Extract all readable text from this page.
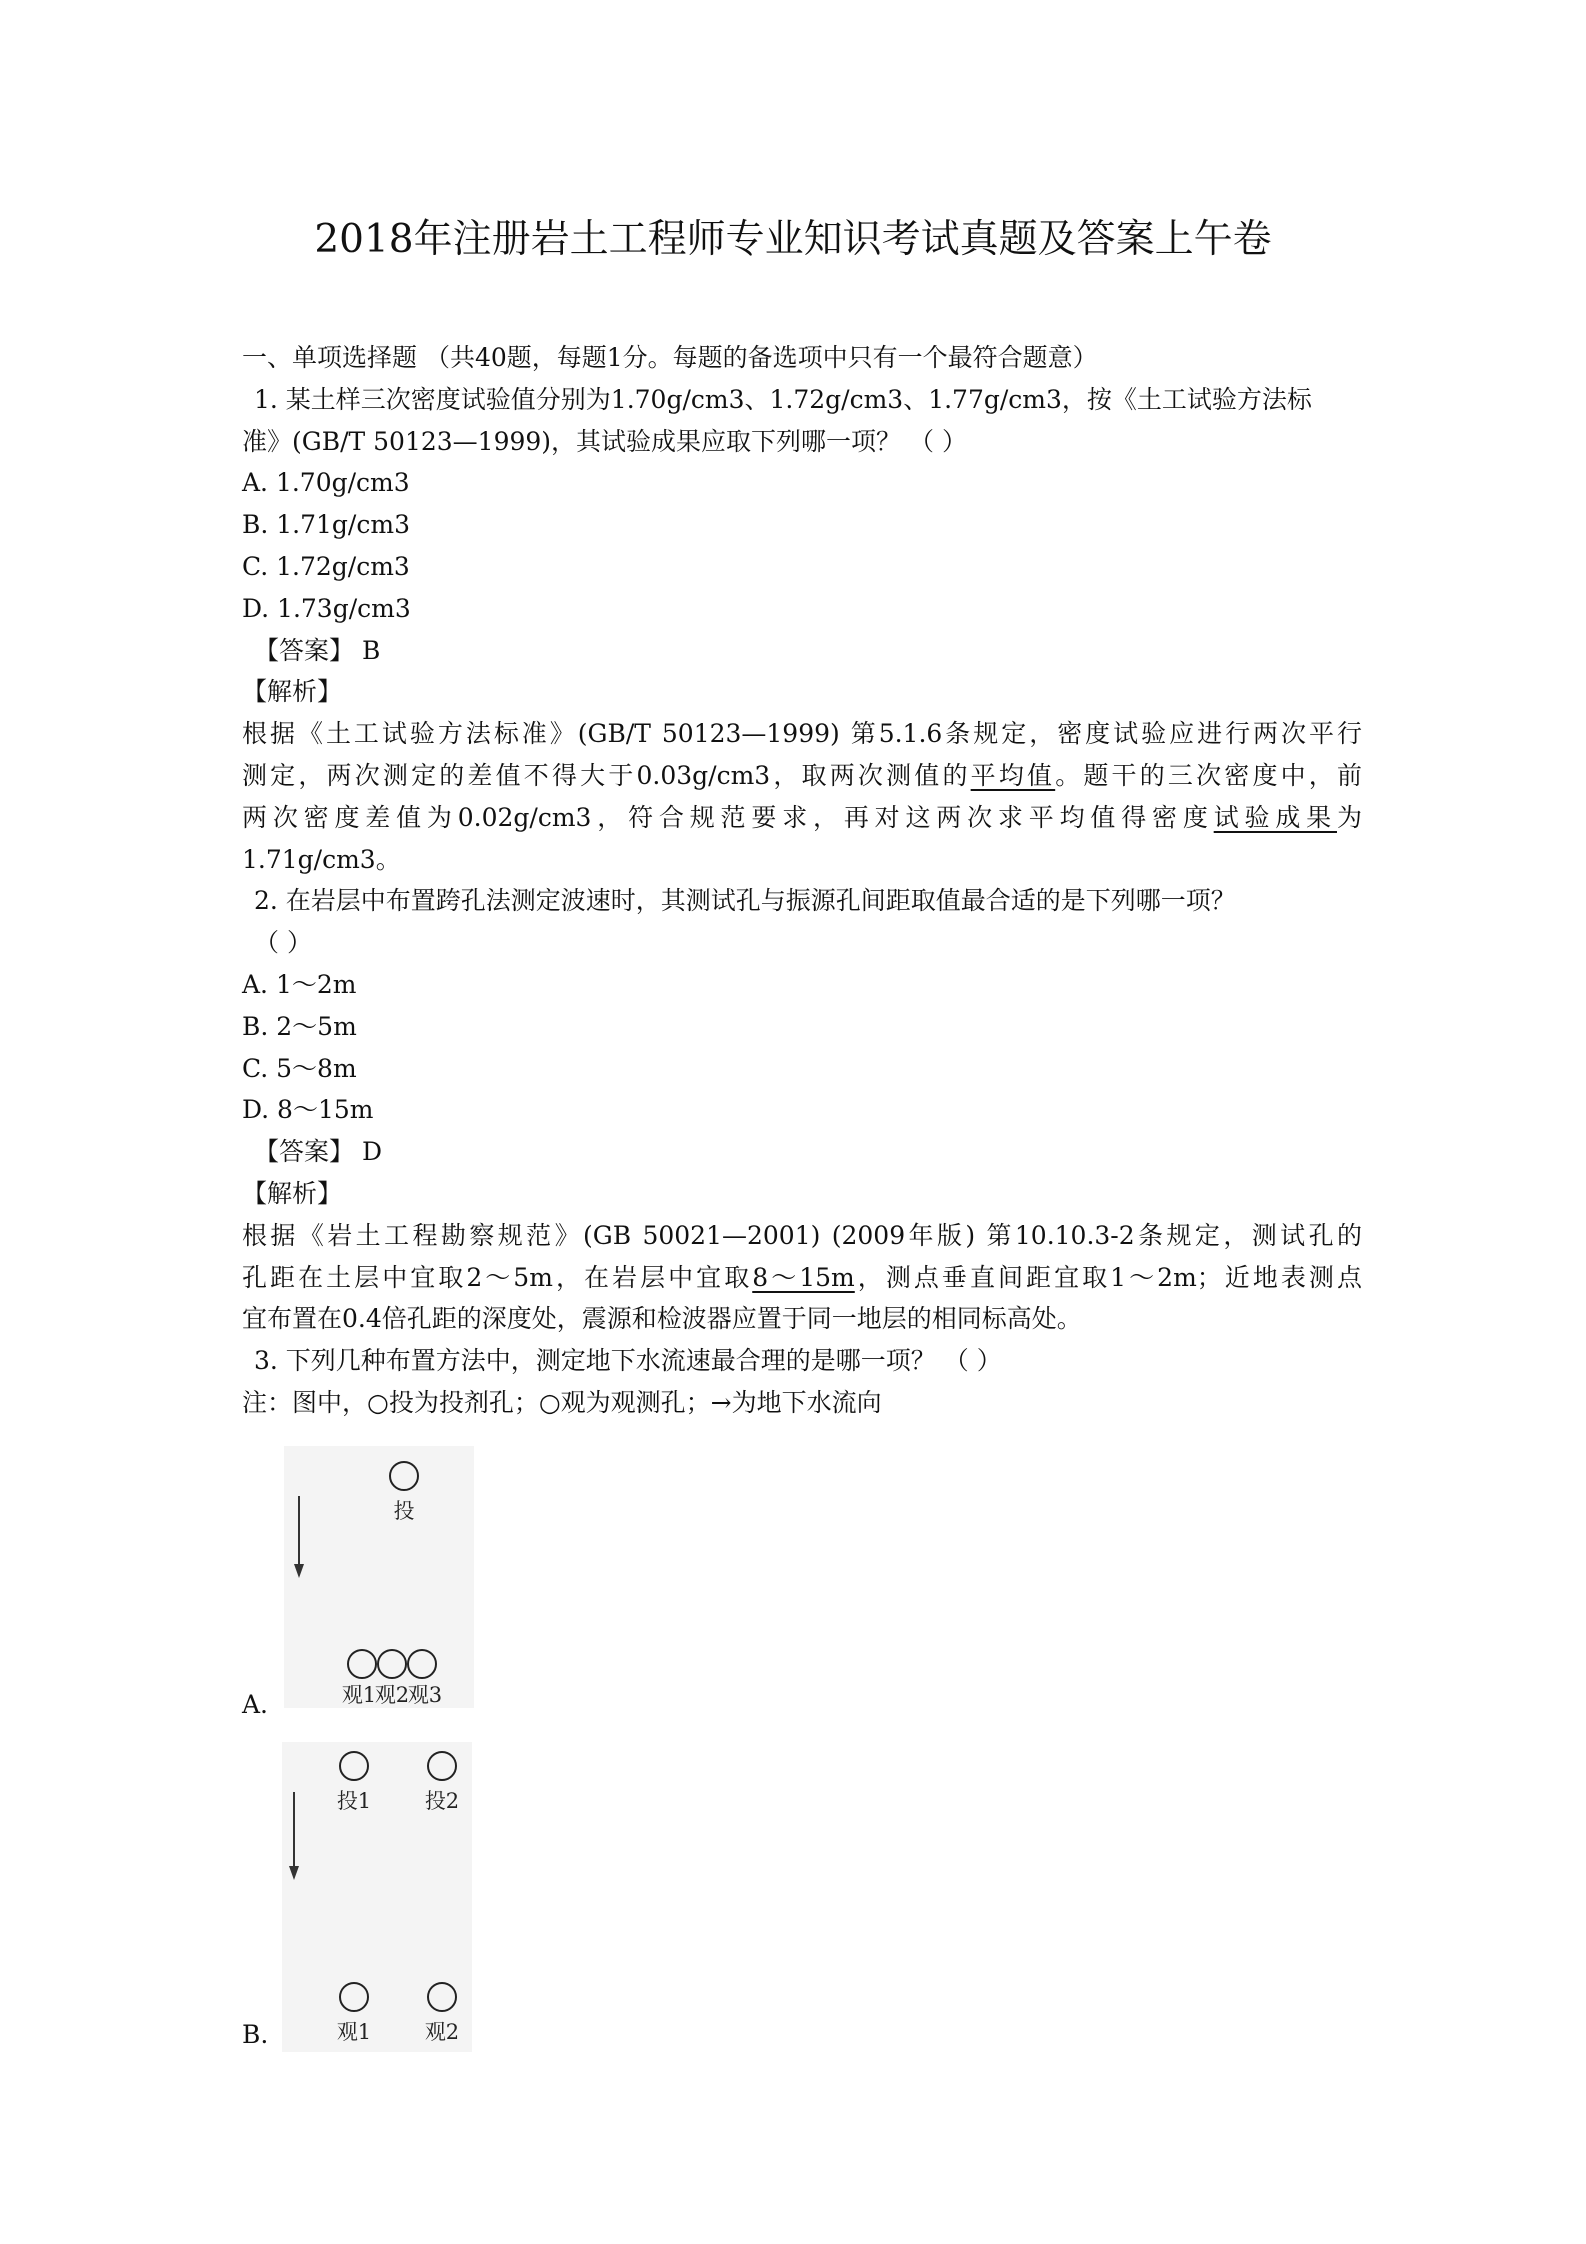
2018年注册岩土工程师专业知识考试真题及答案上午卷

一、单项选择题 （共40题，每题1分。每题的备选项中只有一个最符合题意）

1. 某土样三次密度试验值分别为1.70g/cm3、1.72g/cm3、1.77g/cm3，按《土工试验方法标

准》(GB/T 50123—1999)，其试验成果应取下列哪一项？ （ ）

A. 1.70g/cm3

B. 1.71g/cm3

C. 1.72g/cm3

D. 1.73g/cm3

【答案】 B

【解析】

根据《土工试验方法标准》(GB/T 50123—1999) 第5.1.6条规定，密度试验应进行两次平行

测定，两次测定的差值不得大于0.03g/cm3，取两次测值的平均值。题干的三次密度中，前

两次密度差值为0.02g/cm3，符合规范要求，再对这两次求平均值得密度试验成果为

1.71g/cm3。

2. 在岩层中布置跨孔法测定波速时，其测试孔与振源孔间距取值最合适的是下列哪一项？

（ ）

A. 1～2m

B. 2～5m

C. 5～8m

D. 8～15m

【答案】 D

【解析】

根据《岩土工程勘察规范》(GB 50021—2001) (2009年版) 第10.10.3-2条规定，测试孔的

孔距在土层中宜取2～5m，在岩层中宜取8～15m，测点垂直间距宜取1～2m；近地表测点

宜布置在0.4倍孔距的深度处，震源和检波器应置于同一地层的相同标高处。

3. 下列几种布置方法中，测定地下水流速最合理的是哪一项？ （ ）

注：图中，○投为投剂孔；○观为观测孔；→为地下水流向

A.
投
观1
观2
观3
B.
投1	投2
观1	观2
